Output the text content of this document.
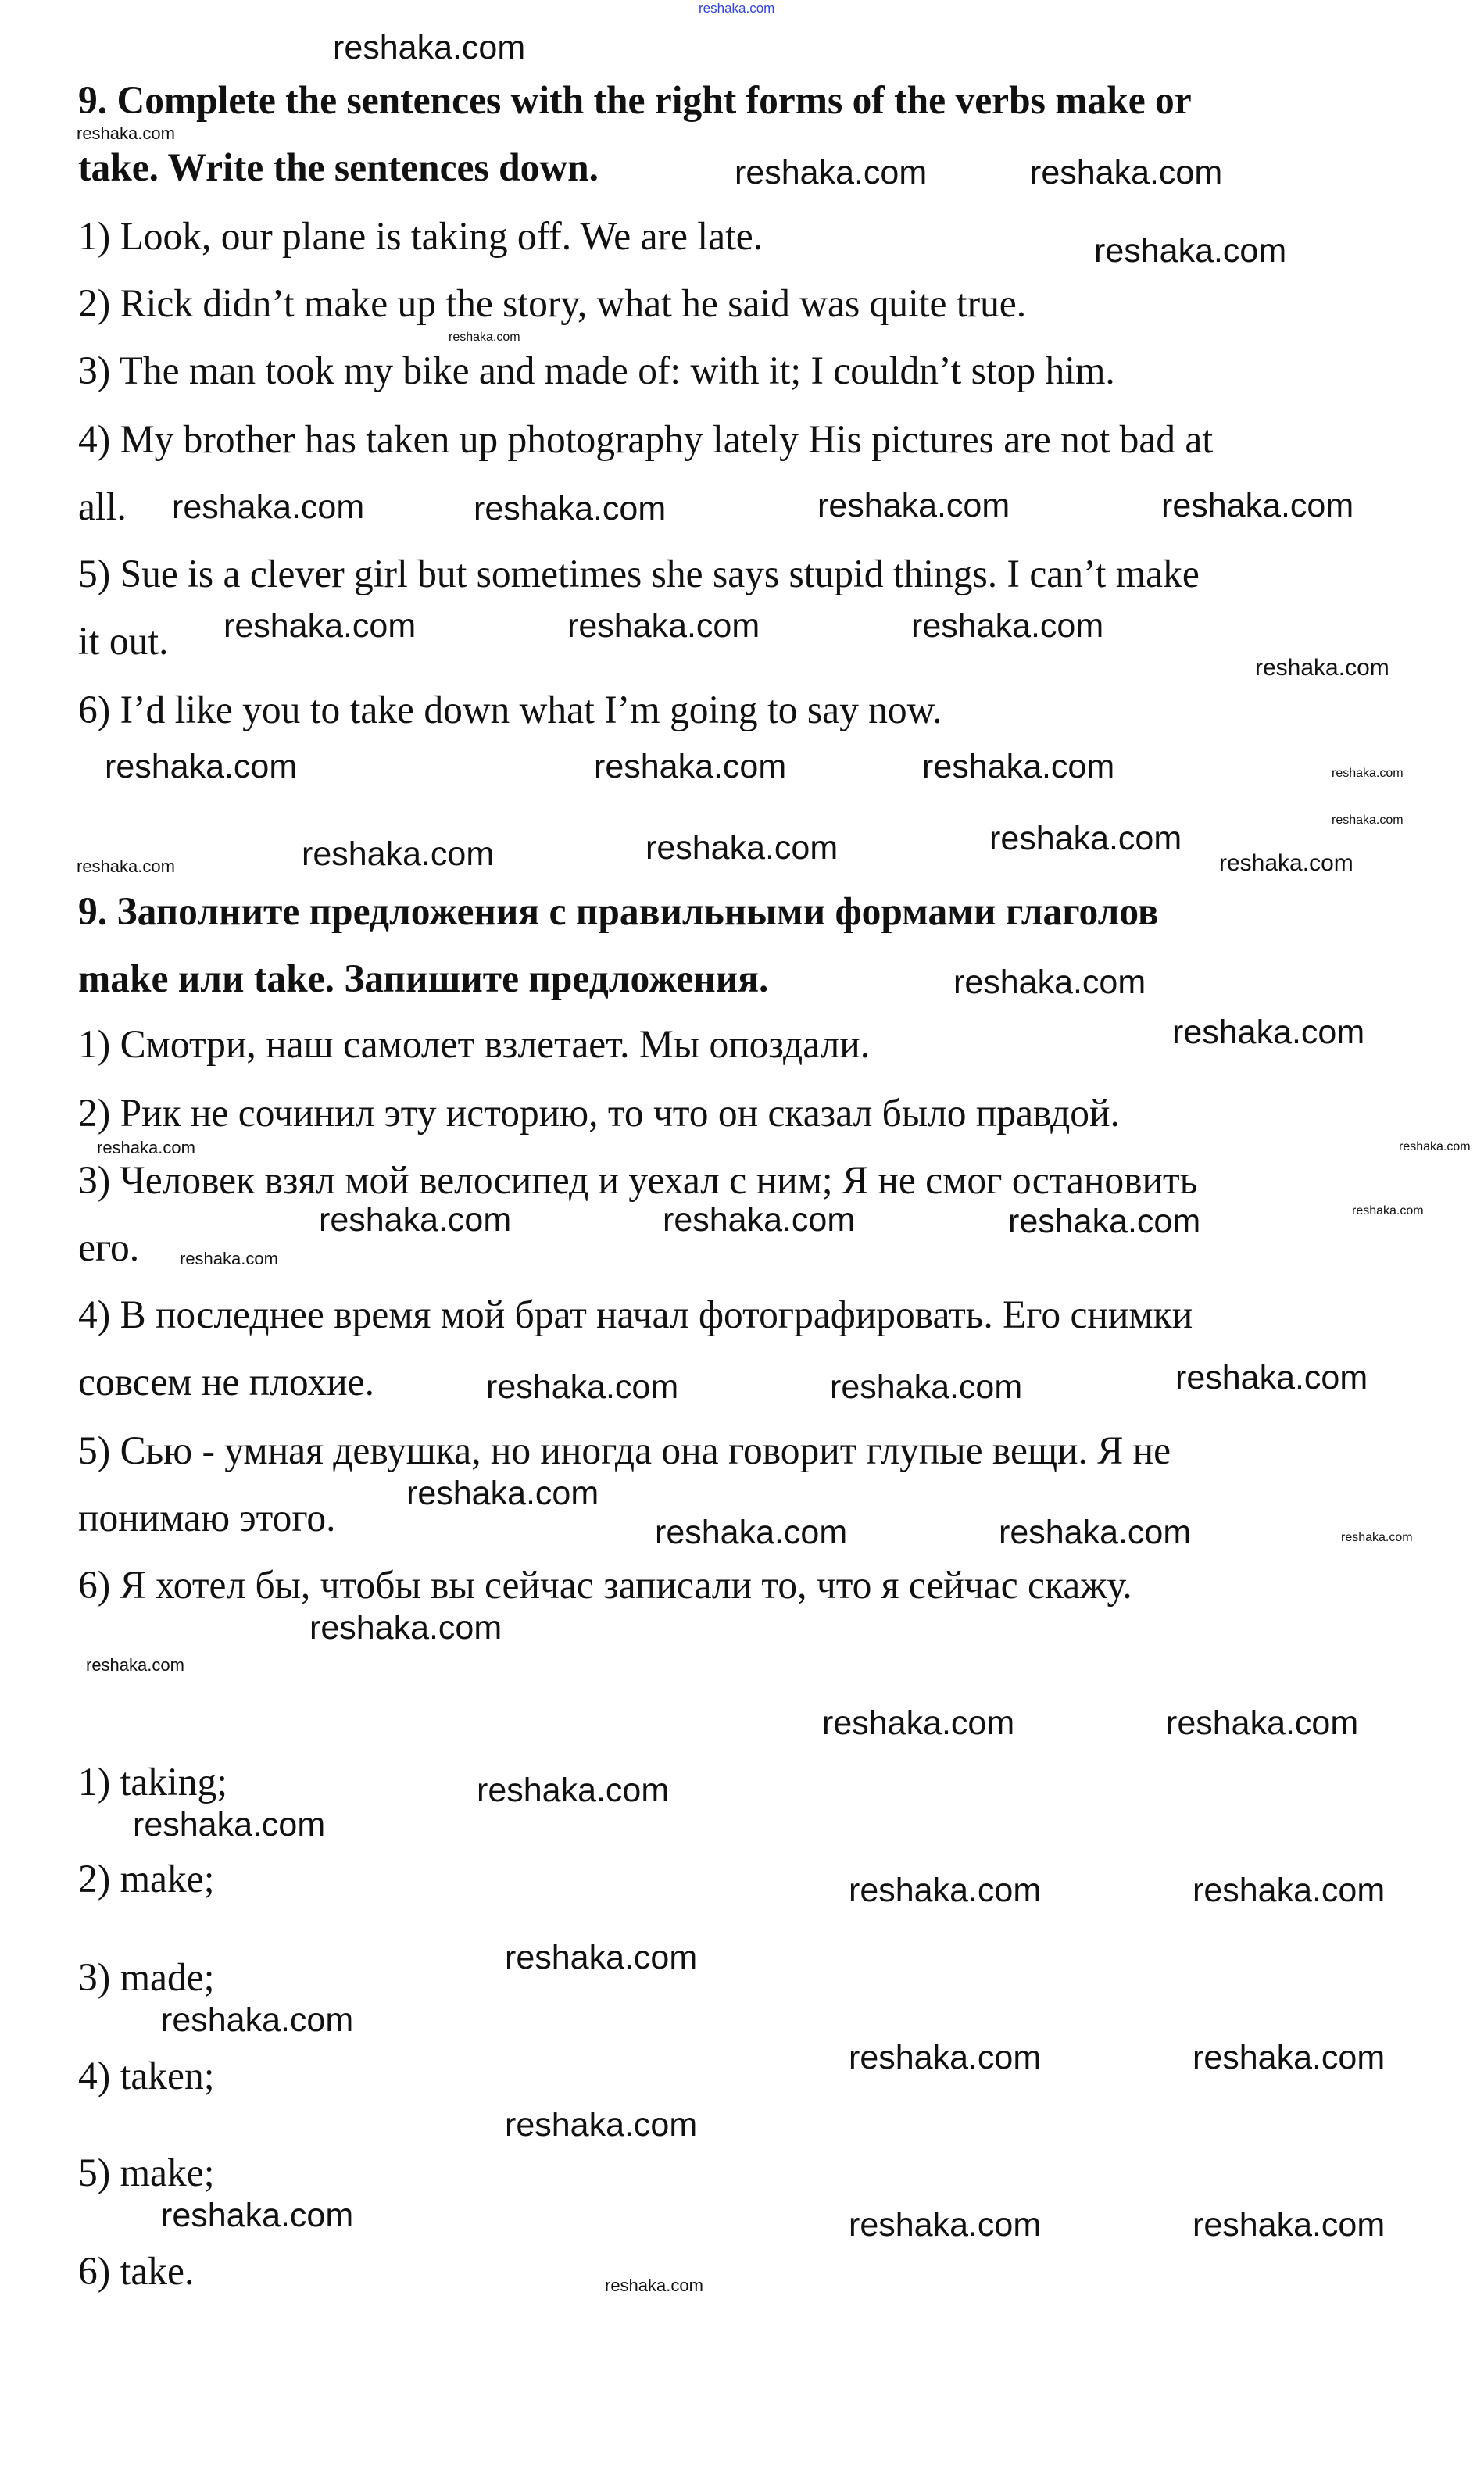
reshaka.com
9. Complete the sentences with the right forms of the verbs make or
take. Write the sentences down.
1) Look, our plane is taking off. We are late.
2) Rick didn’t make up the story, what he said was quite true.
3) The man took my bike and made of: with it; I couldn’t stop him.
4) My brother has taken up photography lately His pictures are not bad at
all.
5) Sue is a clever girl but sometimes she says stupid things. I can’t make
it out.
6) I’d like you to take down what I’m going to say now.
9. Заполните предложения с правильными формами глаголов
make или take. Запишите предложения.
1) Смотри, наш самолет взлетает. Мы опоздали.
2) Рик не сочинил эту историю, то что он сказал было правдой.
3) Человек взял мой велосипед и уехал с ним; Я не смог остановить
его.
4) В последнее время мой брат начал фотографировать. Его снимки
совсем не плохие.
5) Сью - умная девушка, но иногда она говорит глупые вещи. Я не
понимаю этого.
6) Я хотел бы, чтобы вы сейчас записали то, что я сейчас скажу.
1) taking;
2) make;
3) made;
4) taken;
5) make;
6) take.
reshaka.com
reshaka.com	reshaka.com
reshaka.com
reshaka.com	reshaka.com
reshaka.com	reshaka.com	reshaka.com	reshaka.com
reshaka.com	reshaka.com	reshaka.com
reshaka.com
reshaka.com	reshaka.com	reshaka.com
reshaka.com
reshaka.com
reshaka.com
reshaka.com	reshaka.com	reshaka.com
reshaka.com	reshaka.com	reshaka.com
reshaka.com
reshaka.com	reshaka.com
reshaka.com
reshaka.com	reshaka.com
reshaka.com
reshaka.com
reshaka.com	reshaka.com
reshaka.com
reshaka.com
reshaka.com	reshaka.com
reshaka.com
reshaka.com	reshaka.com	reshaka.com
reshaka.com
reshaka.com
reshaka.com
reshaka.com
reshaka.com	reshaka.com
reshaka.com	reshaka.com
reshaka.com
reshaka.com
reshaka.com
reshaka.com
reshaka.com
